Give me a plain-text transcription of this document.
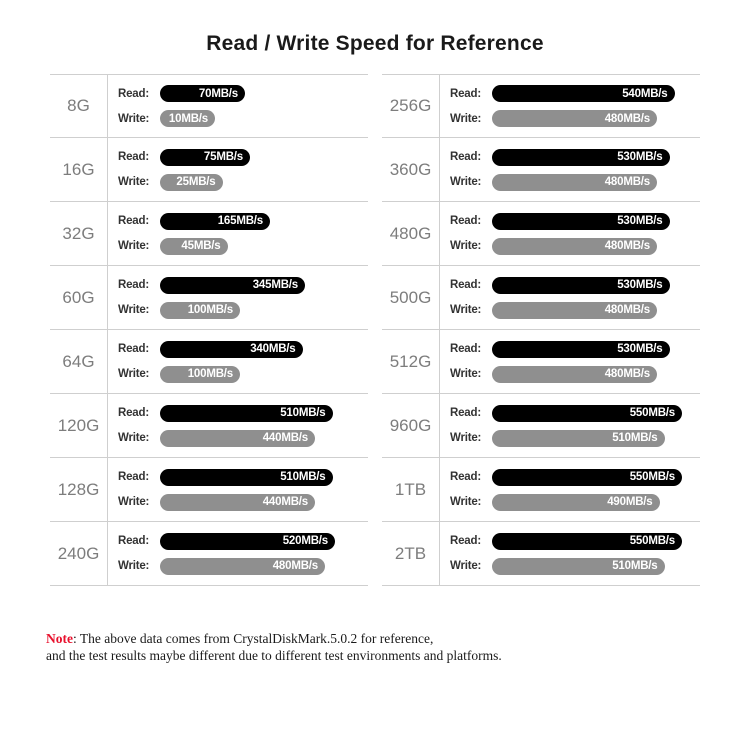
Read / Write Speed for Reference
8G
Read:	70MB/s
Write:	10MB/s
16G
Read:	75MB/s
Write:	25MB/s
32G
Read:	165MB/s
Write:	45MB/s
60G
Read:	345MB/s
Write:	100MB/s
64G
Read:	340MB/s
Write:	100MB/s
120G
Read:	510MB/s
Write:	440MB/s
128G
Read:	510MB/s
Write:	440MB/s
240G
Read:	520MB/s
Write:	480MB/s
256G
Read:	540MB/s
Write:	480MB/s
360G
Read:	530MB/s
Write:	480MB/s
480G
Read:	530MB/s
Write:	480MB/s
500G
Read:	530MB/s
Write:	480MB/s
512G
Read:	530MB/s
Write:	480MB/s
960G
Read:	550MB/s
Write:	510MB/s
1TB
Read:	550MB/s
Write:	490MB/s
2TB
Read:	550MB/s
Write:	510MB/s
Note: The above data comes from CrystalDiskMark.5.0.2 for reference,
and the test results maybe different due to different test environments and platforms.
